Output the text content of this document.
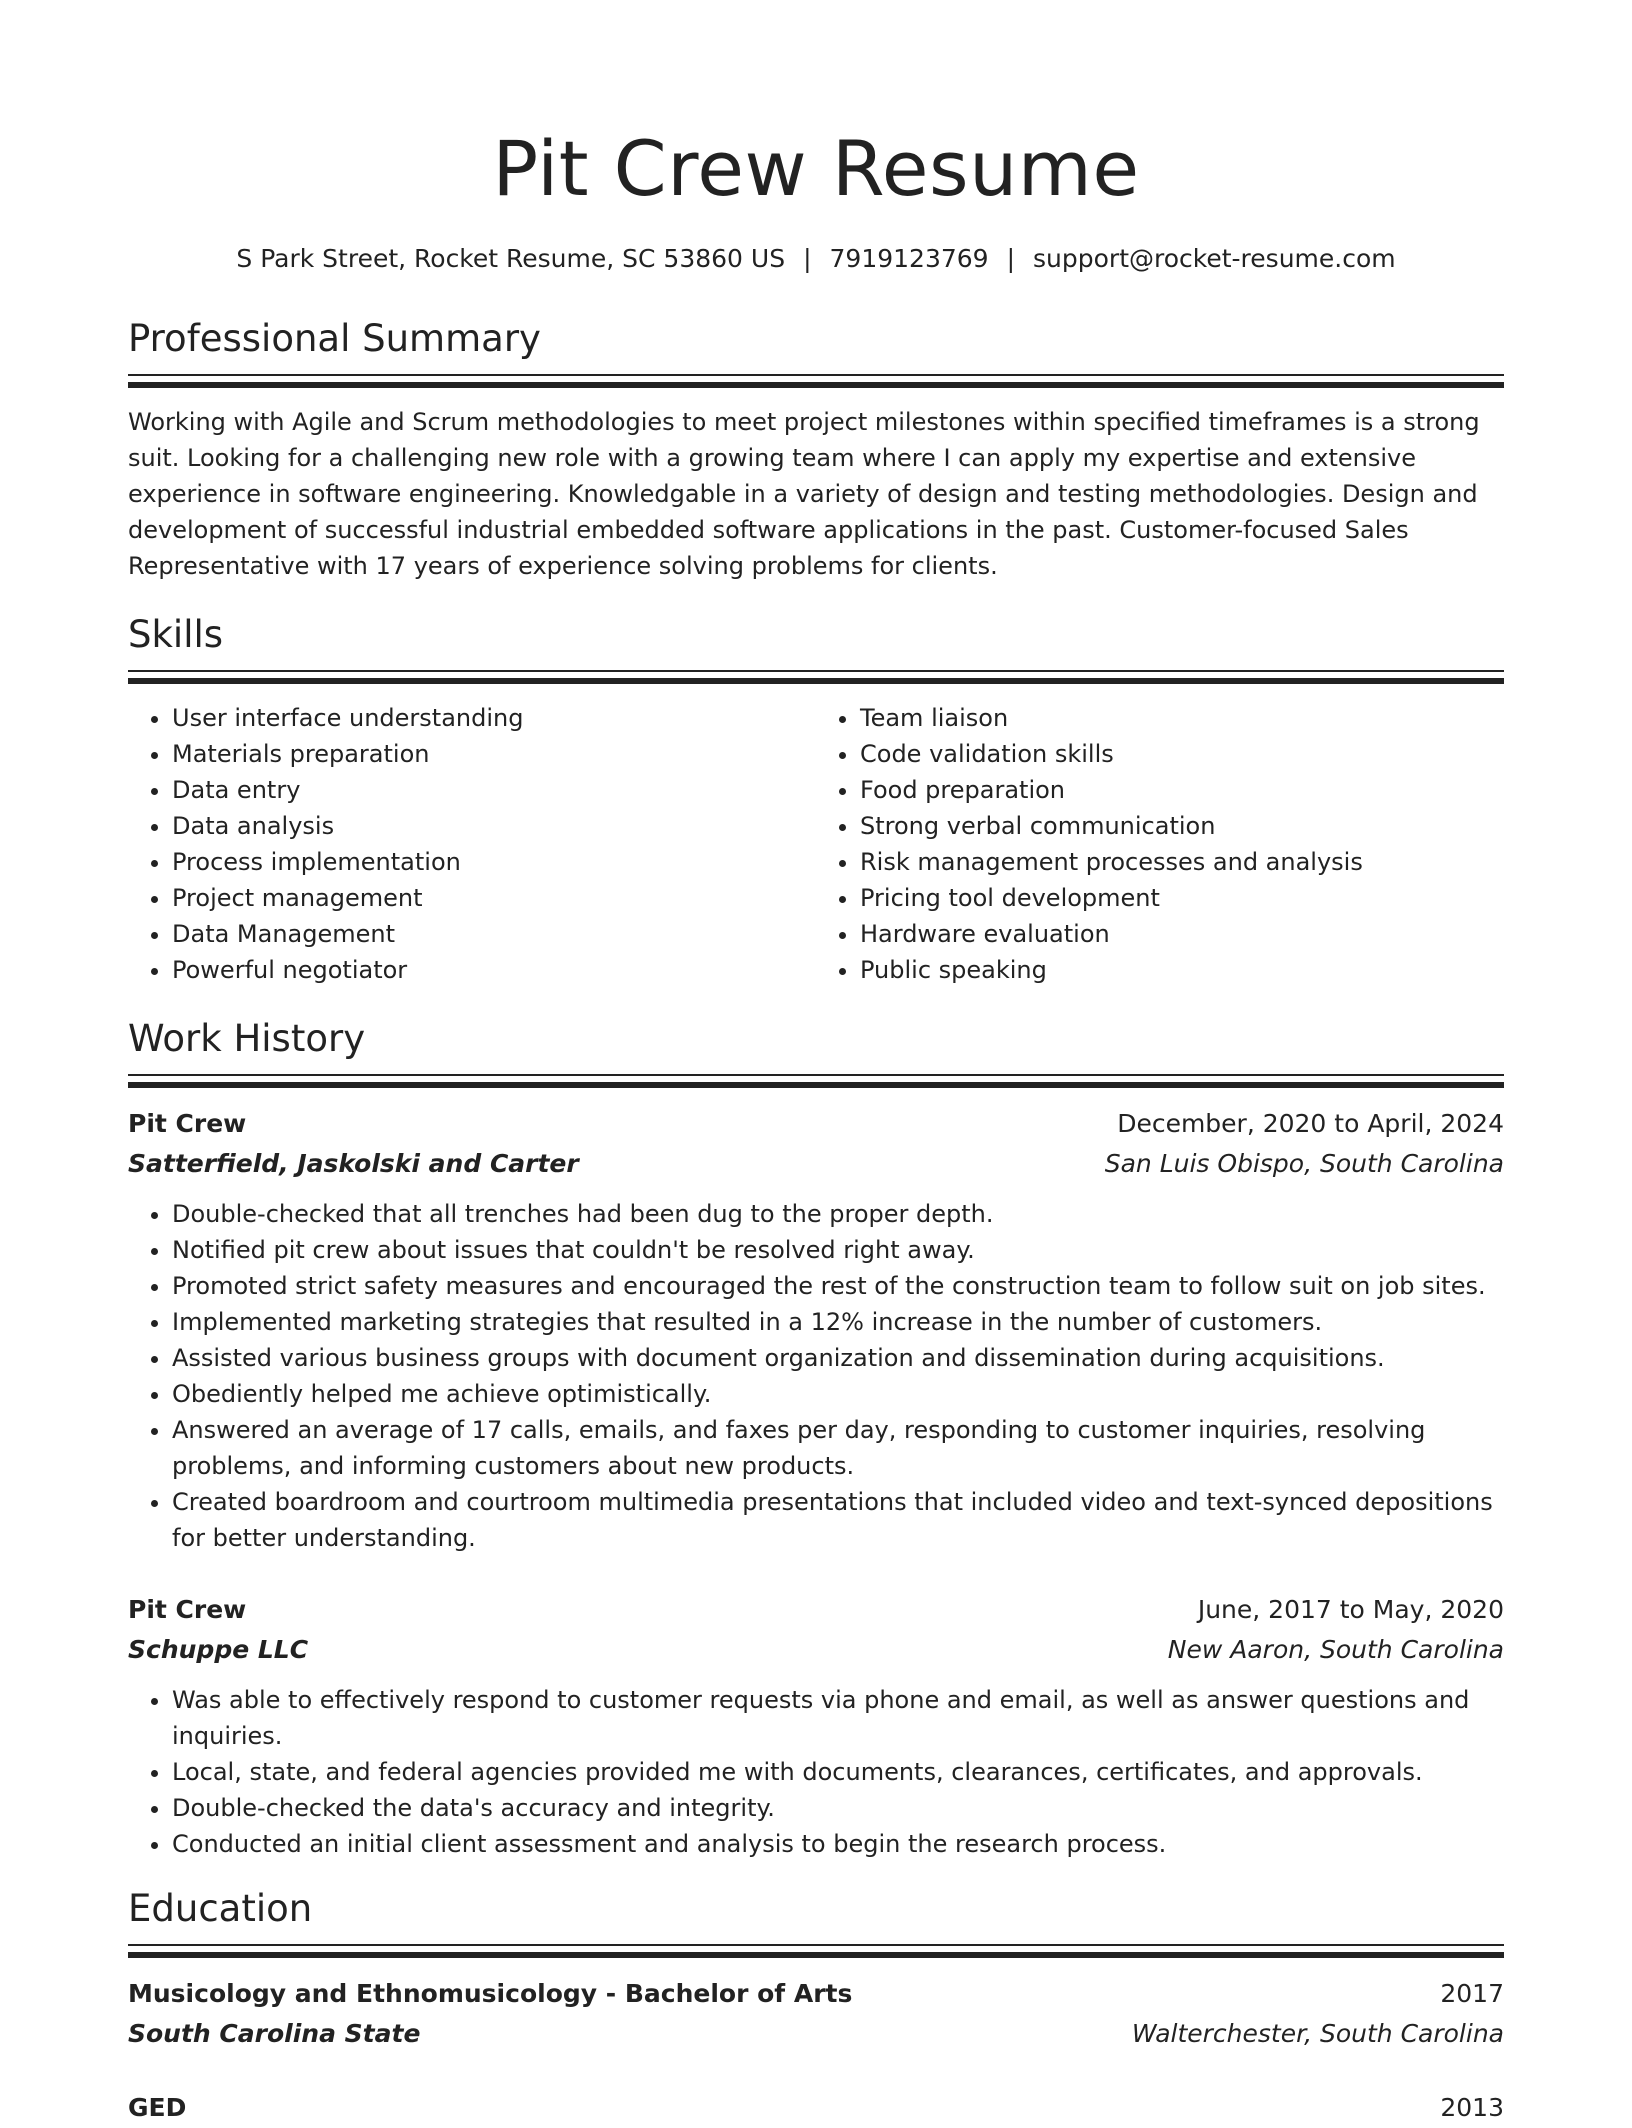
Pit Crew Resume
S Park Street, Rocket Resume, SC 53860 US | 7919123769 | support@rocket-resume.com
Professional Summary

Working with Agile and Scrum methodologies to meet project milestones within specified timeframes is a strong suit. Looking for a challenging new role with a growing team where I can apply my expertise and extensive experience in software engineering. Knowledgable in a variety of design and testing methodologies. Design and development of successful industrial embedded software applications in the past. Customer-focused Sales Representative with 17 years of experience solving problems for clients.

Skills
• User interface understanding
• Materials preparation
• Data entry
• Data analysis
• Process implementation
• Project management
• Data Management
• Powerful negotiator
• Team liaison
• Code validation skills
• Food preparation
• Strong verbal communication
• Risk management processes and analysis
• Pricing tool development
• Hardware evaluation
• Public speaking
Work History
Pit Crew	December, 2020 to April, 2024
Satterfield, Jaskolski and Carter	San Luis Obispo, South Carolina
• Double-checked that all trenches had been dug to the proper depth.
• Notified pit crew about issues that couldn't be resolved right away.
• Promoted strict safety measures and encouraged the rest of the construction team to follow suit on job sites.
• Implemented marketing strategies that resulted in a 12% increase in the number of customers.
• Assisted various business groups with document organization and dissemination during acquisitions.
• Obediently helped me achieve optimistically.
• Answered an average of 17 calls, emails, and faxes per day, responding to customer inquiries, resolving problems, and informing customers about new products.
• Created boardroom and courtroom multimedia presentations that included video and text-synced depositions for better understanding.
Pit Crew	June, 2017 to May, 2020
Schuppe LLC	New Aaron, South Carolina
• Was able to effectively respond to customer requests via phone and email, as well as answer questions and inquiries.
• Local, state, and federal agencies provided me with documents, clearances, certificates, and approvals.
• Double-checked the data's accuracy and integrity.
• Conducted an initial client assessment and analysis to begin the research process.
Education
Musicology and Ethnomusicology - Bachelor of Arts	2017
South Carolina State	Walterchester, South Carolina
GED	2013
